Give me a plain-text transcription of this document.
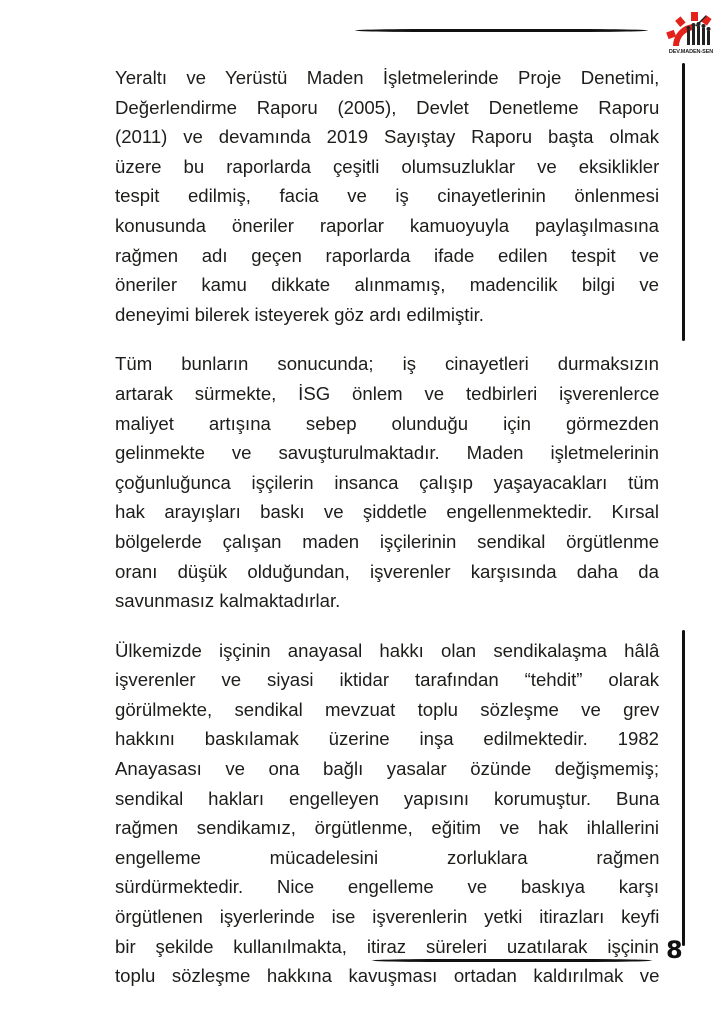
DEV.MADEN-SEN

Yeraltı ve Yerüstü Maden İşletmelerinde Proje Denetimi,
Değerlendirme Raporu (2005), Devlet Denetleme Raporu
(2011) ve devamında 2019 Sayıştay Raporu başta olmak
üzere bu raporlarda çeşitli olumsuzluklar ve eksiklikler
tespit edilmiş, facia ve iş cinayetlerinin önlenmesi
konusunda öneriler raporlar kamuoyuyla paylaşılmasına
rağmen adı geçen raporlarda ifade edilen tespit ve
öneriler kamu dikkate alınmamış, madencilik bilgi ve
deneyimi bilerek isteyerek göz ardı edilmiştir.

Tüm bunların sonucunda; iş cinayetleri durmaksızın
artarak sürmekte, İSG önlem ve tedbirleri işverenlerce
maliyet artışına sebep olunduğu için görmezden
gelinmekte ve savuşturulmaktadır. Maden işletmelerinin
çoğunluğunca işçilerin insanca çalışıp yaşayacakları tüm
hak arayışları baskı ve şiddetle engellenmektedir. Kırsal
bölgelerde çalışan maden işçilerinin sendikal örgütlenme
oranı düşük olduğundan, işverenler karşısında daha da
savunmasız kalmaktadırlar.

Ülkemizde işçinin anayasal hakkı olan sendikalaşma hâlâ
işverenler ve siyasi iktidar tarafından “tehdit” olarak
görülmekte, sendikal mevzuat toplu sözleşme ve grev
hakkını baskılamak üzerine inşa edilmektedir. 1982
Anayasası ve ona bağlı yasalar özünde değişmemiş;
sendikal hakları engelleyen yapısını korumuştur. Buna
rağmen sendikamız, örgütlenme, eğitim ve hak ihlallerini
engelleme mücadelesini zorluklara rağmen
sürdürmektedir. Nice engelleme ve baskıya karşı
örgütlenen işyerlerinde ise işverenlerin yetki itirazları keyfi
bir şekilde kullanılmakta, itiraz süreleri uzatılarak işçinin
toplu sözleşme hakkına kavuşması ortadan kaldırılmak ve

8
